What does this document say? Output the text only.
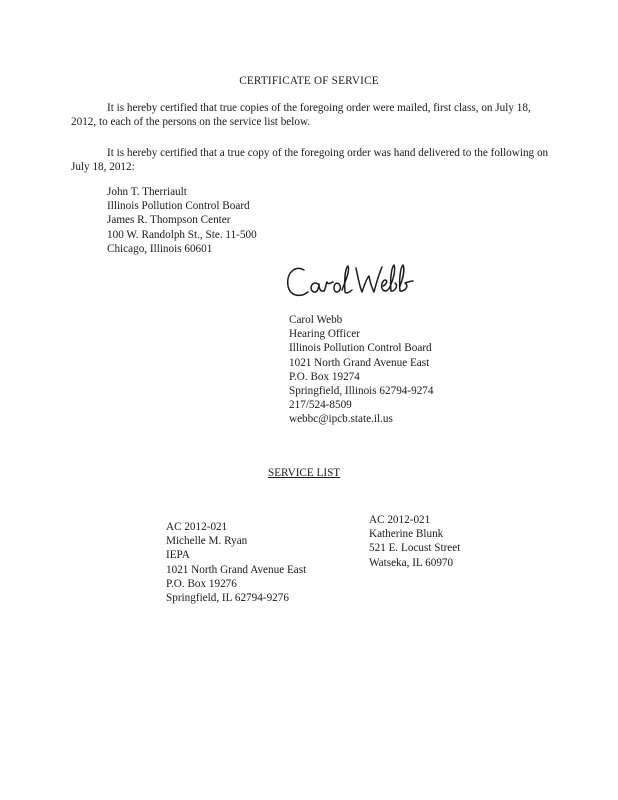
CERTIFICATE OF SERVICE
It is hereby certified that true copies of the foregoing order were mailed, first class, on July 18, 2012, to each of the persons on the service list below.
It is hereby certified that a true copy of the foregoing order was hand delivered to the following on July 18, 2012:
John T. Therriault
Illinois Pollution Control Board
James R. Thompson Center
100 W. Randolph St., Ste. 11-500
Chicago, Illinois 60601
Carol Webb
Hearing Officer
Illinois Pollution Control Board
1021 North Grand Avenue East
P.O. Box 19274
Springfield, Illinois 62794-9274
217/524-8509
webbc@ipcb.state.il.us
SERVICE LIST
AC 2012-021
Michelle M. Ryan
IEPA
1021 North Grand Avenue East
P.O. Box 19276
Springfield, IL 62794-9276
AC 2012-021
Katherine Blunk
521 E. Locust Street
Watseka, IL 60970
